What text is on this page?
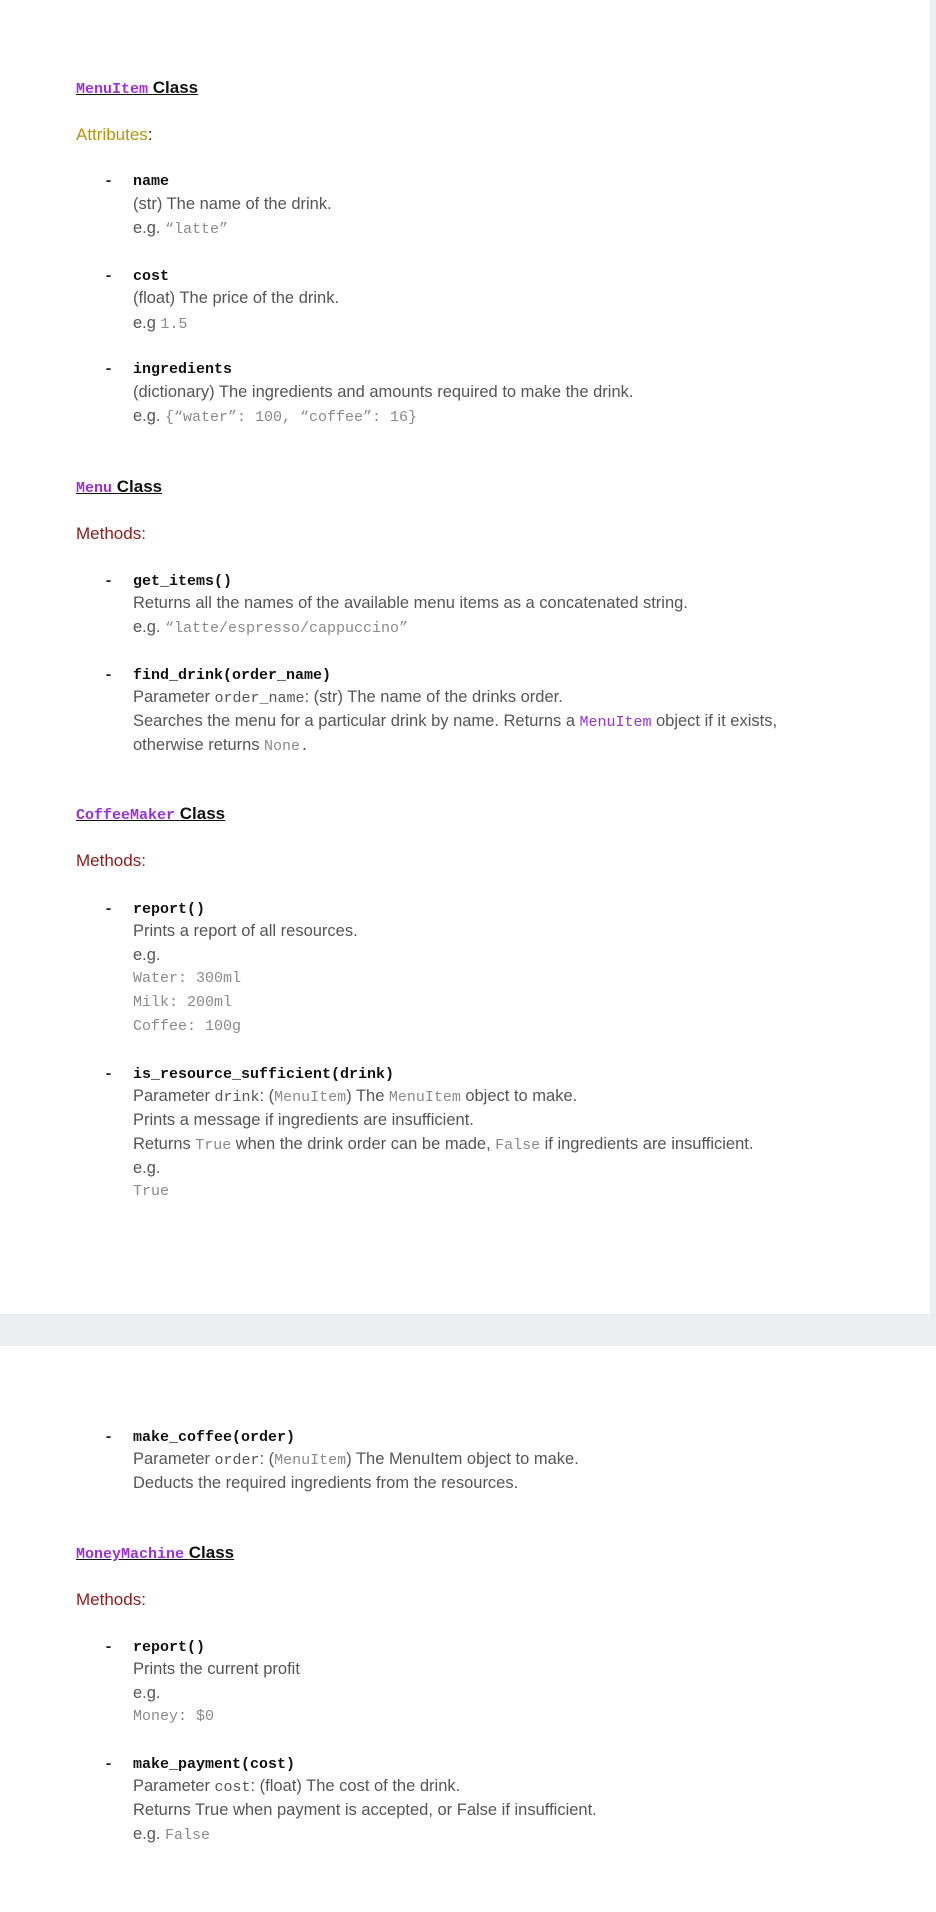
MenuItem Class
Attributes:
- name
(str) The name of the drink.
e.g. “latte”
- cost
(float) The price of the drink.
e.g 1.5
- ingredients
(dictionary) The ingredients and amounts required to make the drink.
e.g. {“water”: 100, “coffee”: 16}
Menu Class
Methods:
- get_items()
Returns all the names of the available menu items as a concatenated string.
e.g. “latte/espresso/cappuccino”
- find_drink(order_name)
Parameter order_name: (str) The name of the drinks order.
Searches the menu for a particular drink by name. Returns a MenuItem object if it exists,
otherwise returns None.
CoffeeMaker Class
Methods:
- report()
Prints a report of all resources.
e.g.
Water: 300ml
Milk: 200ml
Coffee: 100g
- is_resource_sufficient(drink)
Parameter drink: (MenuItem) The MenuItem object to make.
Prints a message if ingredients are insufficient.
Returns True when the drink order can be made, False if ingredients are insufficient.
e.g.
True
- make_coffee(order)
Parameter order: (MenuItem) The MenuItem object to make.
Deducts the required ingredients from the resources.
MoneyMachine Class
Methods:
- report()
Prints the current profit
e.g.
Money: $0
- make_payment(cost)
Parameter cost: (float) The cost of the drink.
Returns True when payment is accepted, or False if insufficient.
e.g. False
